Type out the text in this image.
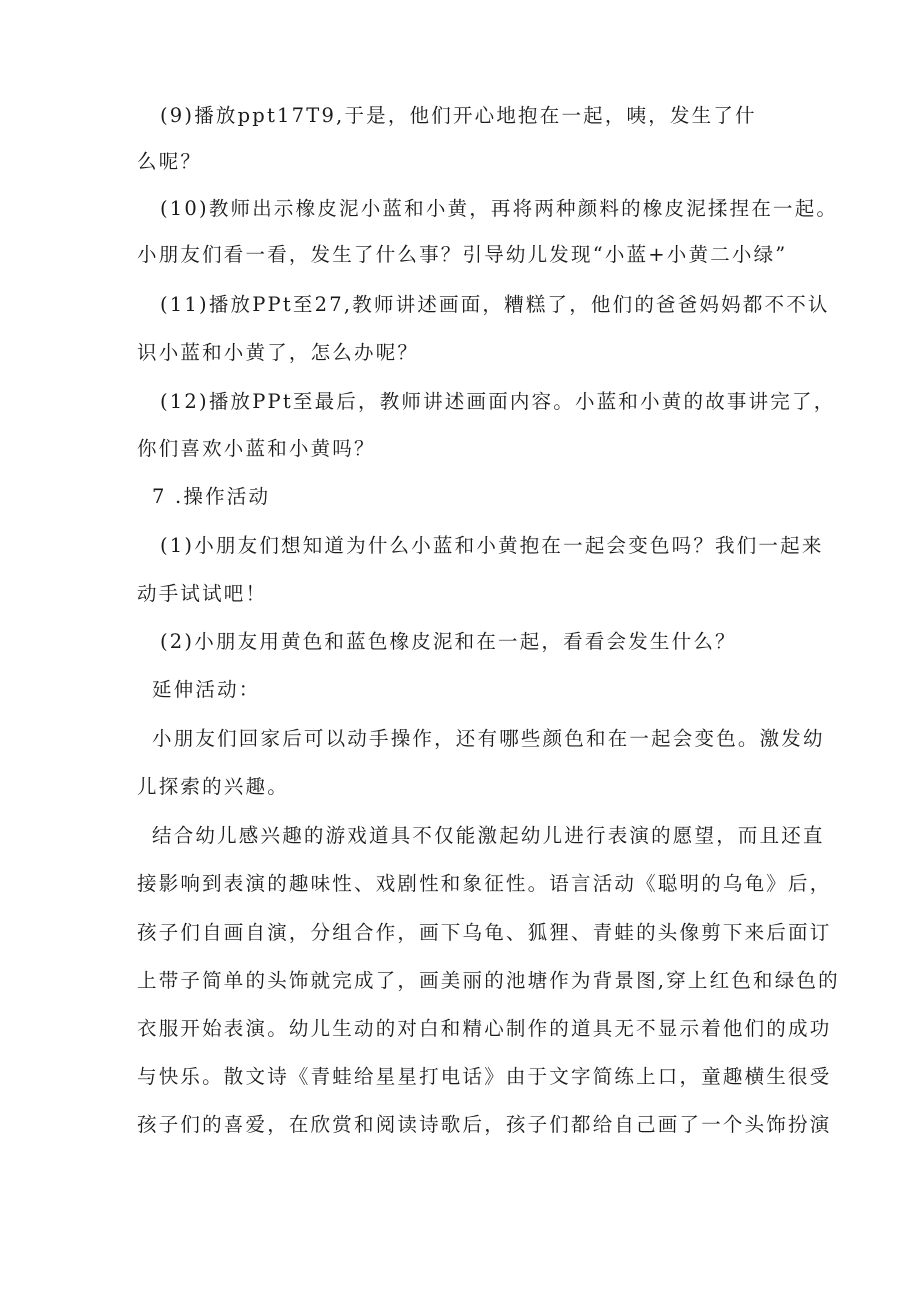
(9)播放ppt17T9,于是，他们开心地抱在一起，咦，发生了什
么呢？
(10)教师出示橡皮泥小蓝和小黄，再将两种颜料的橡皮泥揉捏在一起。
小朋友们看一看，发生了什么事？引导幼儿发现“小蓝+小黄二小绿”
(11)播放PPt至27,教师讲述画面，糟糕了，他们的爸爸妈妈都不不认
识小蓝和小黄了，怎么办呢？
(12)播放PPt至最后，教师讲述画面内容。小蓝和小黄的故事讲完了，
你们喜欢小蓝和小黄吗？
7 .操作活动
(1)小朋友们想知道为什么小蓝和小黄抱在一起会变色吗？我们一起来
动手试试吧！
(2)小朋友用黄色和蓝色橡皮泥和在一起，看看会发生什么？
延伸活动：
小朋友们回家后可以动手操作，还有哪些颜色和在一起会变色。激发幼
儿探索的兴趣。
结合幼儿感兴趣的游戏道具不仅能激起幼儿进行表演的愿望，而且还直
接影响到表演的趣味性、戏剧性和象征性。语言活动《聪明的乌龟》后，
孩子们自画自演，分组合作，画下乌龟、狐狸、青蛙的头像剪下来后面订
上带子简单的头饰就完成了，画美丽的池塘作为背景图,穿上红色和绿色的
衣服开始表演。幼儿生动的对白和精心制作的道具无不显示着他们的成功
与快乐。散文诗《青蛙给星星打电话》由于文字简练上口，童趣横生很受
孩子们的喜爱，在欣赏和阅读诗歌后，孩子们都给自己画了一个头饰扮演
